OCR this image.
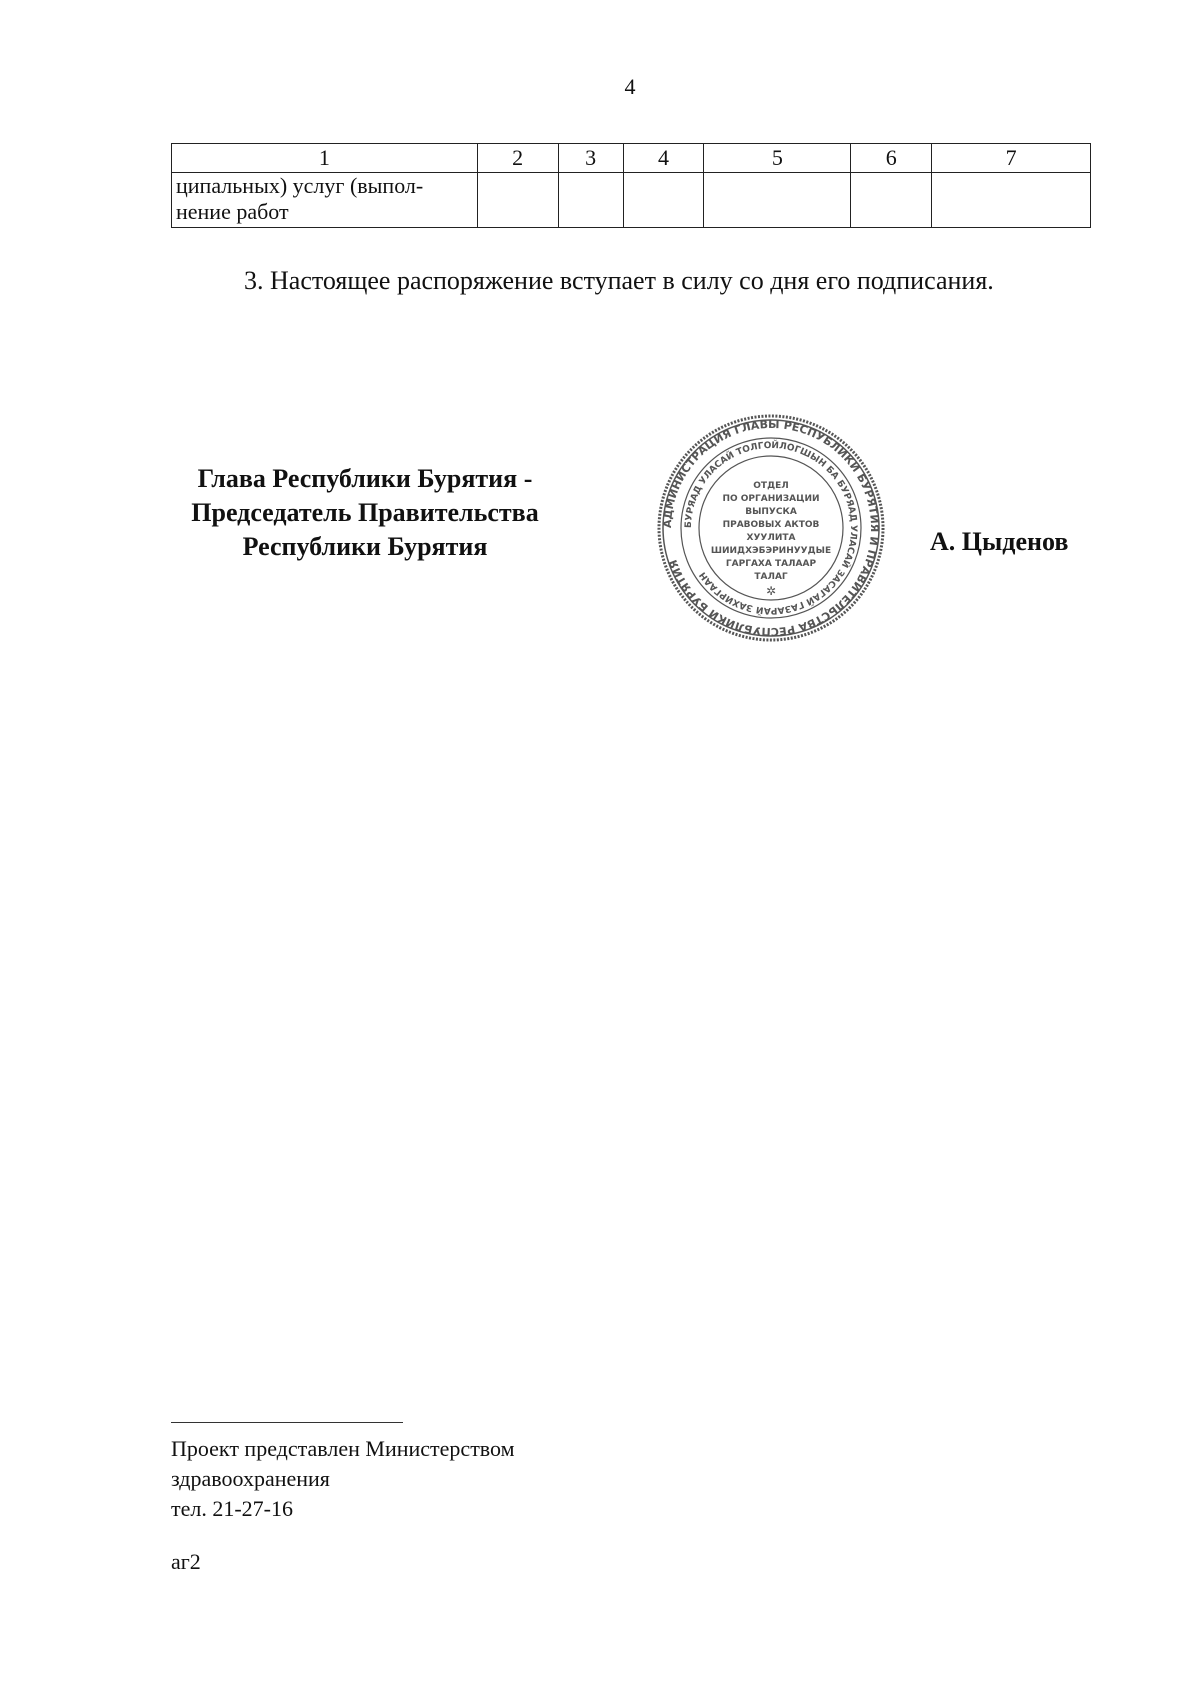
4
1	2	3	4	5	6	7
ципальных) услуг (выпол-
нение работ						
3. Настоящее распоряжение вступает в силу со дня его подписания.
Глава Республики Бурятия -
Председатель Правительства
Республики Бурятия
АДМИНИСТРАЦИЯ ГЛАВЫ РЕСПУБЛИКИ БУРЯТИЯ И ПРАВИТЕЛЬСТВА РЕСПУБЛИКИ БУРЯТИЯ
БУРЯАД УЛАСАЙ ТОЛГОЙЛОГШЫН БА БУРЯАД УЛАСАЙ ЗАСАГАЙ ГАЗАРАЙ ЗАХИРГААН
ОТДЕЛ
ПО ОРГАНИЗАЦИИ
ВЫПУСКА
ПРАВОВЫХ АКТОВ
ХУУЛИТА
ШИИДХЭБЭРИНУУДЫЕ
ГАРГАХА ТАЛААР
ТАЛАГ
✲
А. Цыденов
Проект представлен Министерством
здравоохранения
тел. 21-27-16
аг2
